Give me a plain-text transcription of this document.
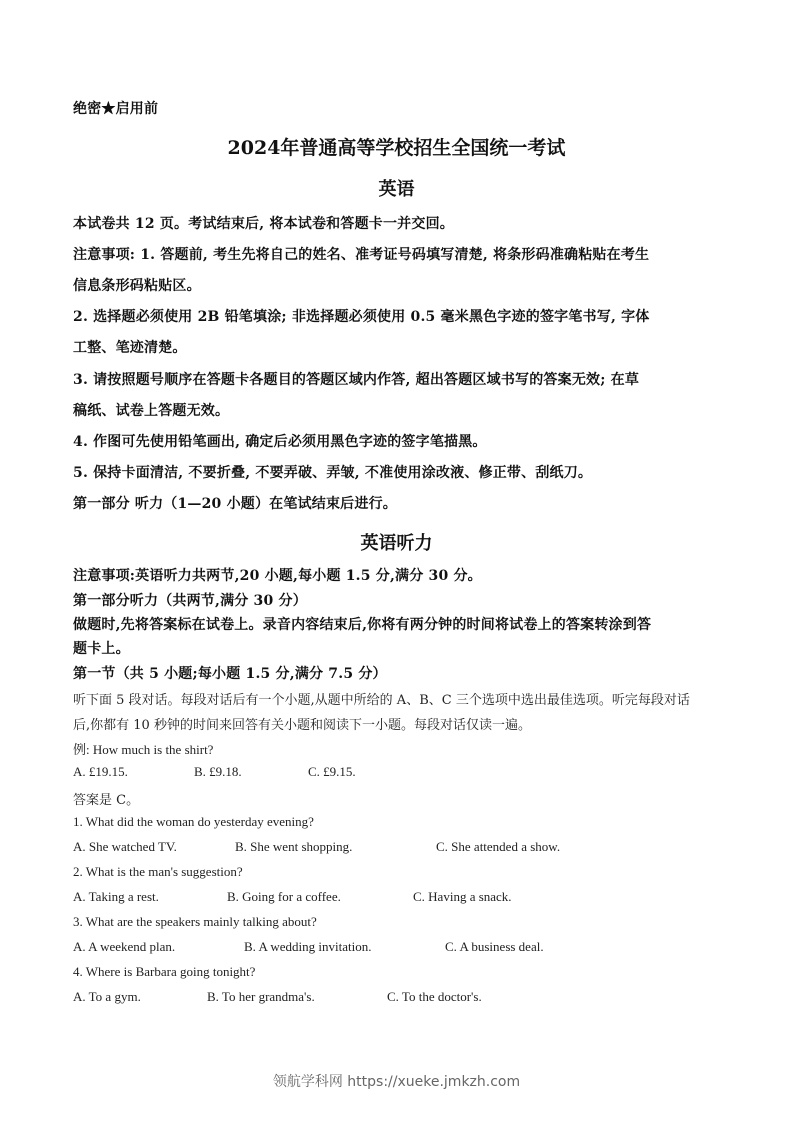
绝密★启用前
2024年普通高等学校招生全国统一考试
英语
本试卷共 12 页。考试结束后, 将本试卷和答题卡一并交回。
注意事项: 1. 答题前, 考生先将自己的姓名、准考证号码填写清楚, 将条形码准确粘贴在考生
信息条形码粘贴区。
2. 选择题必须使用 2B 铅笔填涂; 非选择题必须使用 0.5 毫米黑色字迹的签字笔书写, 字体
工整、笔迹清楚。
3. 请按照题号顺序在答题卡各题目的答题区域内作答, 超出答题区域书写的答案无效; 在草
稿纸、试卷上答题无效。
4. 作图可先使用铅笔画出, 确定后必须用黑色字迹的签字笔描黑。
5. 保持卡面清洁, 不要折叠, 不要弄破、弄皱, 不准使用涂改液、修正带、刮纸刀。
第一部分 听力（1—20 小题）在笔试结束后进行。
英语听力
注意事项:英语听力共两节,20 小题,每小题 1.5 分,满分 30 分。
第一部分听力（共两节,满分 30 分）
做题时,先将答案标在试卷上。录音内容结束后,你将有两分钟的时间将试卷上的答案转涂到答
题卡上。
第一节（共 5 小题;每小题 1.5 分,满分 7.5 分）
听下面 5 段对话。每段对话后有一个小题,从题中所给的 A、B、C 三个选项中选出最佳选项。听完每段对话
后,你都有 10 秒钟的时间来回答有关小题和阅读下一小题。每段对话仅读一遍。
例: How much is the shirt?
A. £19.15.	B. £9.18.	C. £9.15.
答案是 C。
1. What did the woman do yesterday evening?
A. She watched TV.	B. She went shopping.	C. She attended a show.
2. What is the man's suggestion?
A. Taking a rest.	B. Going for a coffee.	C. Having a snack.
3. What are the speakers mainly talking about?
A. A weekend plan.	B. A wedding invitation.	C. A business deal.
4. Where is Barbara going tonight?
A. To a gym.	B. To her grandma's.	C. To the doctor's.
领航学科网 https://xueke.jmkzh.com
